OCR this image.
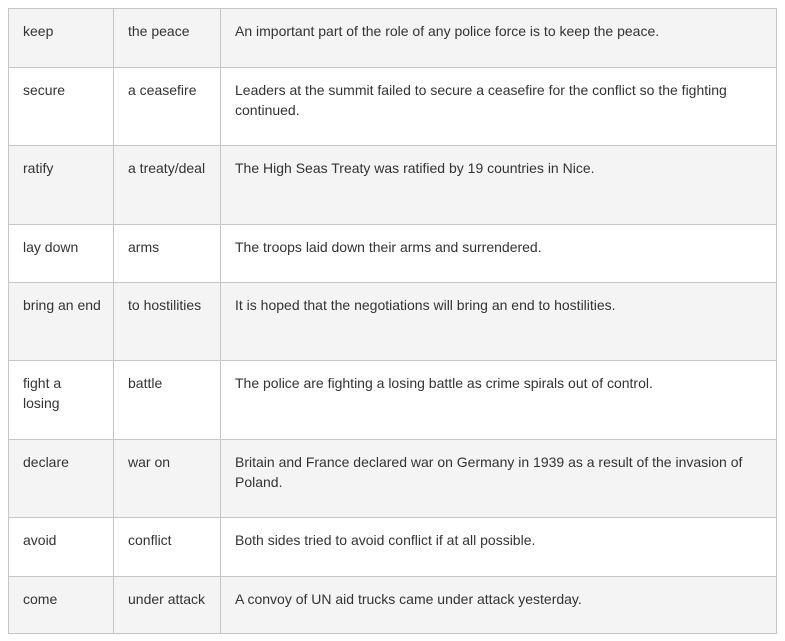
keep	the peace	An important part of the role of any police force is to keep the peace.
secure	a ceasefire	Leaders at the summit failed to secure a ceasefire for the conflict so the fighting continued.
ratify	a treaty/deal	The High Seas Treaty was ratified by 19 countries in Nice.
lay down	arms	The troops laid down their arms and surrendered.
bring an end	to hostilities	It is hoped that the negotiations will bring an end to hostilities.
fight a losing	battle	The police are fighting a losing battle as crime spirals out of control.
declare	war on	Britain and France declared war on Germany in 1939 as a result of the invasion of Poland.
avoid	conflict	Both sides tried to avoid conflict if at all possible.
come	under attack	A convoy of UN aid trucks came under attack yesterday.
